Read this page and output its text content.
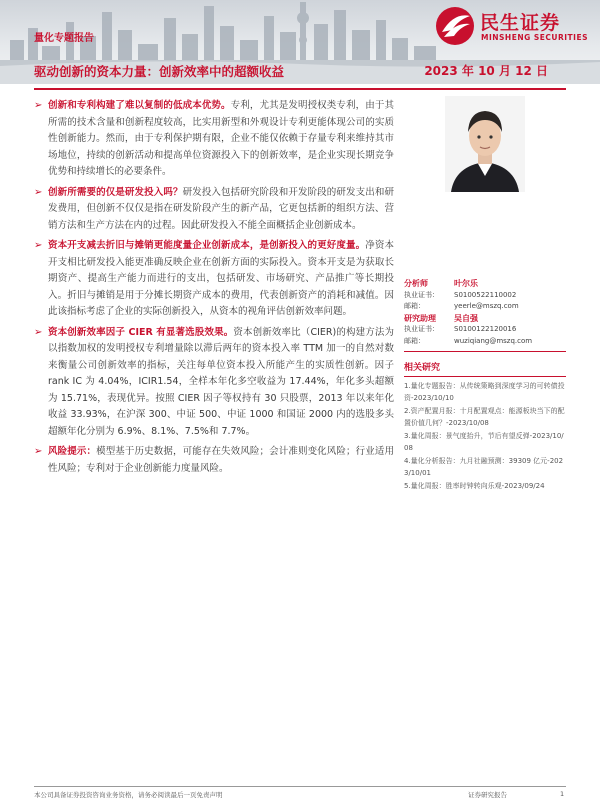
民生证券
MINSHENG SECURITIES
量化专题报告
驱动创新的资本力量：创新效率中的超额收益	2023 年 10 月 12 日
➢ 创新和专利构建了难以复制的低成本优势。专利，尤其是发明授权类专利，由于其所需的技术含量和创新程度较高，比实用新型和外观设计专利更能体现公司的实质性创新能力。然而，由于专利保护期有限，企业不能仅依赖于存量专利来维持其市场地位，持续的创新活动和提高单位资源投入下的创新效率，是企业实现长期竞争优势和持续增长的必要条件。
➢ 创新所需要的仅是研发投入吗？研发投入包括研究阶段和开发阶段的研发支出和研发费用，但创新不仅仅是指在研发阶段产生的新产品，它更包括新的组织方法、营销方法和生产方法在内的过程。因此研发投入不能全面概括企业创新成本。
➢ 资本开支减去折旧与摊销更能度量企业创新成本，是创新投入的更好度量。净资本开支相比研发投入能更准确反映企业在创新方面的实际投入。资本开支是为获取长期资产、提高生产能力而进行的支出，包括研发、市场研究、产品推广等长期投入。折旧与摊销是用于分摊长期资产成本的费用，代表创新资产的消耗和减值。因此该指标考虑了企业的实际创新投入，从资本的视角评估创新效率问题。
➢ 资本创新效率因子 CIER 有显著选股效果。资本创新效率比（CIER)的构建方法为以指数加权的发明授权专利增量除以滞后两年的资本投入率 TTM 加一的自然对数来衡量公司创新效率的指标，关注每单位资本投入所能产生的实质性创新。因子 rank IC 为 4.04%，ICIR1.54，全样本年化多空收益为 17.44%，年化多头超额为 15.71%，表现优异。按照 CIER 因子等权持有 30 只股票，2013 年以来年化收益 33.93%，在沪深 300、中证 500、中证 1000 和国证 2000 内的选股多头超额年化分别为 6.9%、8.1%、7.5%和 7.7%。
➢ 风险提示：模型基于历史数据，可能存在失效风险；会计准则变化风险；行业适用性风险；专利对于企业创新能力度量风险。
分析师	叶尔乐
执业证书：	S0100522110002
邮箱：	yeerle@mszq.com
研究助理	吴自强
执业证书：	S0100122120016
邮箱：	wuziqiang@mszq.com
相关研究
1.量化专题报告：从传统策略到深度学习的可转债投资-2023/10/10
2.资产配置月报：十月配置观点：能源板块当下的配置价值几何？-2023/10/08
3.量化周报：景气度抬升，节后有望反弹-2023/10/08
4.量化分析报告：九月社融预测：39309 亿元-2023/10/01
5.量化周报：胜率时钟转向乐观-2023/09/24
本公司具备证券投资咨询业务资格，请务必阅读最后一页免责声明	证券研究报告	1
